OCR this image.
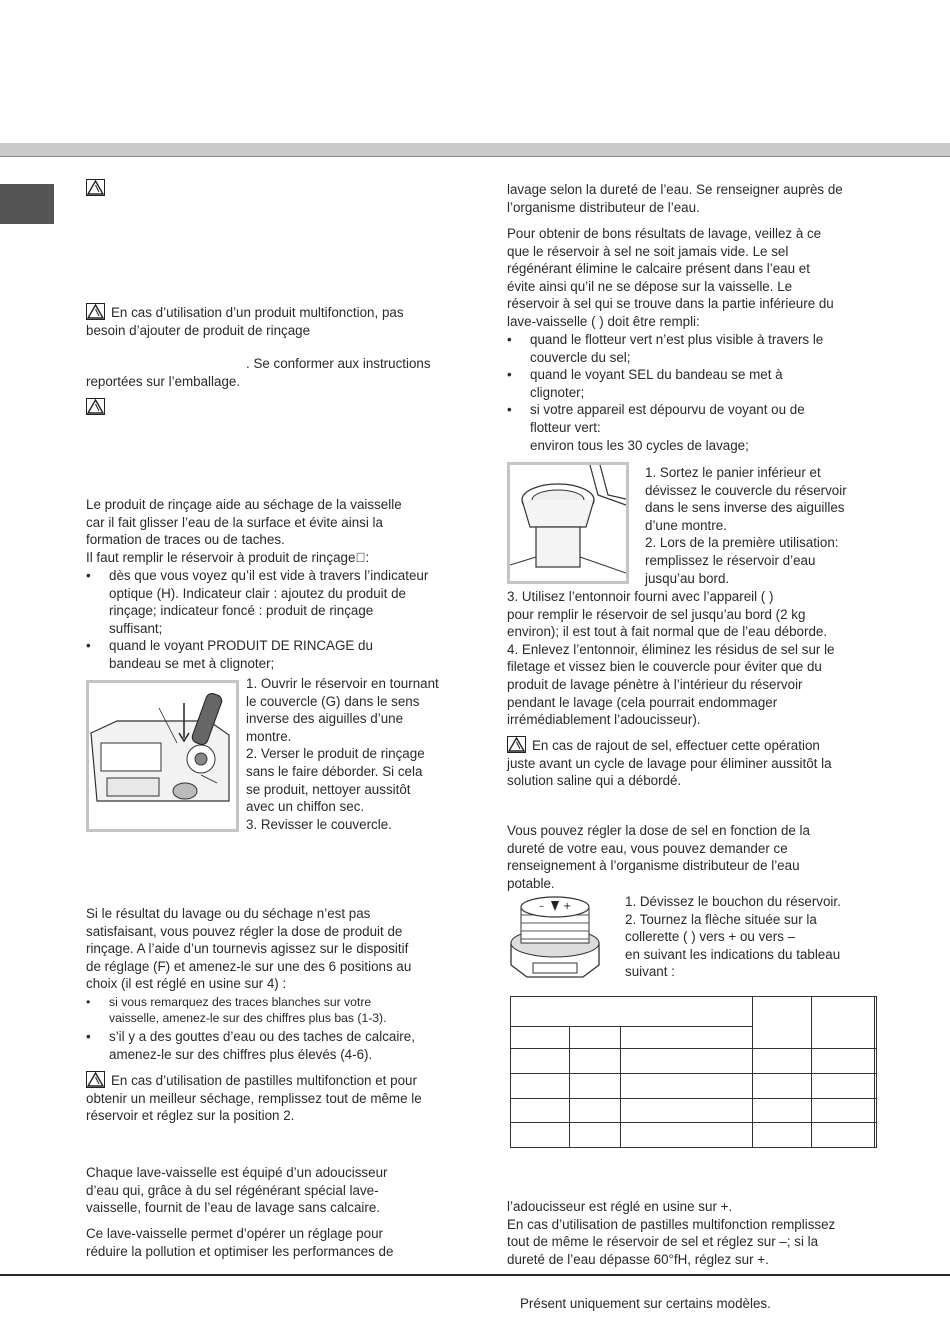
En cas d’utilisation d’un produit multifonction, pas
besoin d’ajouter de produit de rinçage
. Se conformer aux instructions
reportées sur l’emballage.
Le produit de rinçage aide au séchage de la vaisselle
car il fait glisser l’eau de la surface et évite ainsi la
formation de traces ou de taches.
Il faut remplir le réservoir à produit de rinçage :
• dès que vous voyez qu’il est vide à travers l’indicateur
optique (H). Indicateur clair : ajoutez du produit de
rinçage; indicateur foncé : produit de rinçage
suffisant;
• quand le voyant PRODUIT DE RINCAGE du
bandeau se met à clignoter;
1. Ouvrir le réservoir en tournant
le couvercle (G) dans le sens
inverse des aiguilles d’une
montre.
2. Verser le produit de rinçage
sans le faire déborder. Si cela
se produit, nettoyer aussitôt
avec un chiffon sec.
3. Revisser le couvercle.
Si le résultat du lavage ou du séchage n’est pas
satisfaisant, vous pouvez régler la dose de produit de
rinçage. A l’aide d’un tournevis agissez sur le dispositif
de réglage (F) et amenez-le sur une des 6 positions au
choix (il est réglé en usine sur 4) :
• si vous remarquez des traces blanches sur votre
vaisselle, amenez-le sur des chiffres plus bas (1-3).
• s’il y a des gouttes d’eau ou des taches de calcaire,
amenez-le sur des chiffres plus élevés (4-6).
En cas d’utilisation de pastilles multifonction et pour
obtenir un meilleur séchage, remplissez tout de même le
réservoir et réglez sur la position 2.
Chaque lave-vaisselle est équipé d’un adoucisseur
d’eau qui, grâce à du sel régénérant spécial lave-
vaisselle, fournit de l’eau de lavage sans calcaire.
Ce lave-vaisselle permet d’opérer un réglage pour
réduire la pollution et optimiser les performances de
lavage selon la dureté de l’eau. Se renseigner auprès de
l’organisme distributeur de l’eau.
Pour obtenir de bons résultats de lavage, veillez à ce
que le réservoir à sel ne soit jamais vide. Le sel
régénérant élimine le calcaire présent dans l’eau et
évite ainsi qu’il ne se dépose sur la vaisselle. Le
réservoir à sel qui se trouve dans la partie inférieure du
lave-vaisselle ( ) doit être rempli:
• quand le flotteur vert n’est plus visible à travers le
couvercle du sel;
• quand le voyant SEL du bandeau se met à
clignoter;
• si votre appareil est dépourvu de voyant ou de
flotteur vert:
environ tous les 30 cycles de lavage;
1. Sortez le panier inférieur et
dévissez le couvercle du réservoir
dans le sens inverse des aiguilles
d’une montre.
2. Lors de la première utilisation:
remplissez le réservoir d’eau
jusqu’au bord.
3. Utilisez l’entonnoir fourni avec l’appareil ( )
pour remplir le réservoir de sel jusqu’au bord (2 kg
environ); il est tout à fait normal que de l’eau déborde.
4. Enlevez l’entonnoir, éliminez les résidus de sel sur le
filetage et vissez bien le couvercle pour éviter que du
produit de lavage pénètre à l’intérieur du réservoir
pendant le lavage (cela pourrait endommager
irrémédiablement l’adoucisseur).
En cas de rajout de sel, effectuer cette opération
juste avant un cycle de lavage pour éliminer aussitôt la
solution saline qui a débordé.
Vous pouvez régler la dose de sel en fonction de la
dureté de votre eau, vous pouvez demander ce
renseignement à l’organisme distributeur de l’eau
potable.
– +	1. Dévissez le bouchon du réservoir.
2. Tournez la flèche située sur la
collerette ( ) vers + ou vers –
en suivant les indications du tableau
suivant :

l’adoucisseur est réglé en usine sur +.
En cas d’utilisation de pastilles multifonction remplissez
tout de même le réservoir de sel et réglez sur –; si la
dureté de l’eau dépasse 60°fH, réglez sur +.
Présent uniquement sur certains modèles.
